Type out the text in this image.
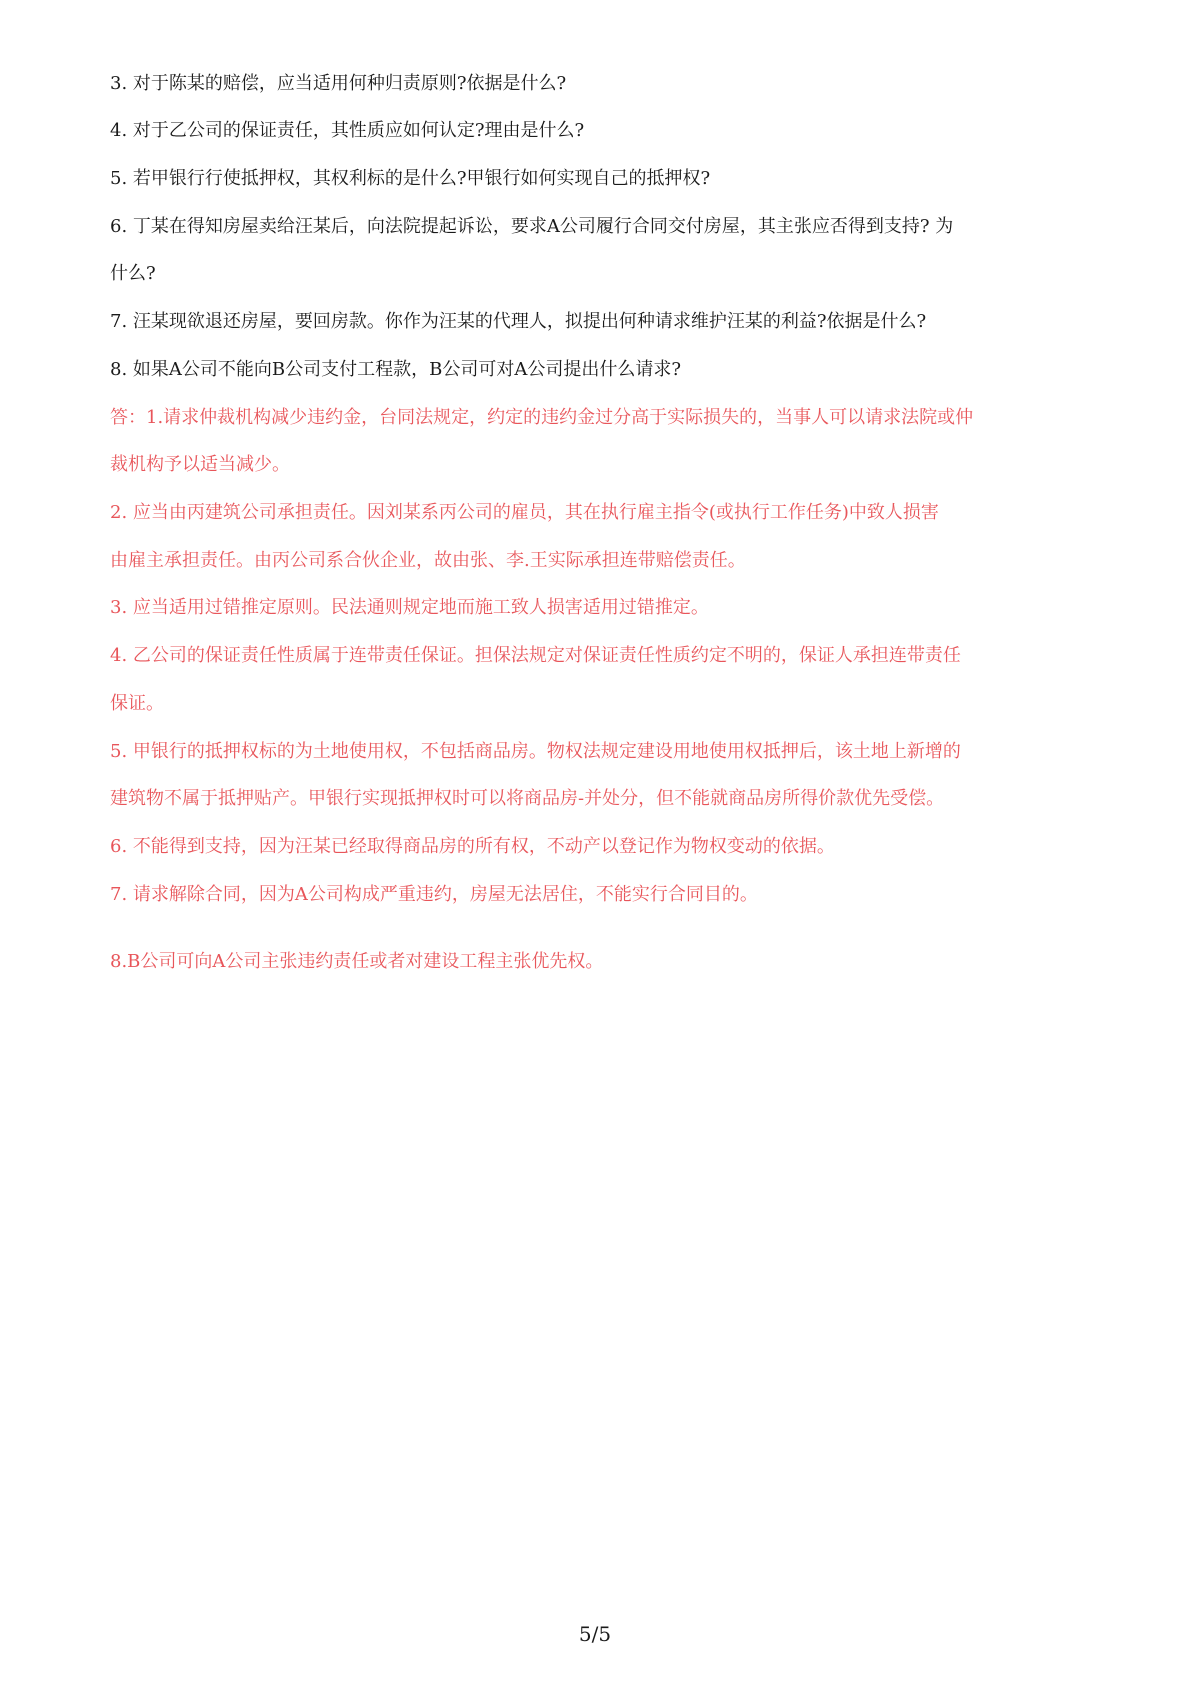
3. 对于陈某的赔偿，应当适用何种归责原则?依据是什么?
4. 对于乙公司的保证责任，其性质应如何认定?理由是什么?
5. 若甲银行行使抵押权，其权利标的是什么?甲银行如何实现自己的抵押权?
6. 丁某在得知房屋卖给汪某后，向法院提起诉讼，要求A公司履行合同交付房屋，其主张应否得到支持? 为
什么?
7. 汪某现欲退还房屋，要回房款。你作为汪某的代理人，拟提出何种请求维护汪某的利益?依据是什么?
8. 如果A公司不能向B公司支付工程款，B公司可对A公司提出什么请求?
答：1.请求仲裁机构减少违约金，台同法规定，约定的违约金过分高于实际损失的，当事人可以请求法院或仲
裁机构予以适当减少。
2. 应当由丙建筑公司承担责任。因刘某系丙公司的雇员，其在执行雇主指令(或执行工作任务)中致人损害
由雇主承担责任。由丙公司系合伙企业，故由张、李.王实际承担连带赔偿责任。
3. 应当适用过错推定原则。民法通则规定地而施工致人损害适用过错推定。
4. 乙公司的保证责任性质属于连带责任保证。担保法规定对保证责任性质约定不明的，保证人承担连带责任
保证。
5. 甲银行的抵押权标的为土地使用权，不包括商品房。物权法规定建设用地使用权抵押后，该土地上新增的
建筑物不属于抵押贴产。甲银行实现抵押权时可以将商品房-并处分，但不能就商品房所得价款优先受偿。
6. 不能得到支持，因为汪某已经取得商品房的所有权，不动产以登记作为物权变动的依据。
7. 请求解除合同，因为A公司构成严重违约，房屋无法居住，不能实行合同目的。
8.B公司可向A公司主张违约责任或者对建设工程主张优先权。
5/5
